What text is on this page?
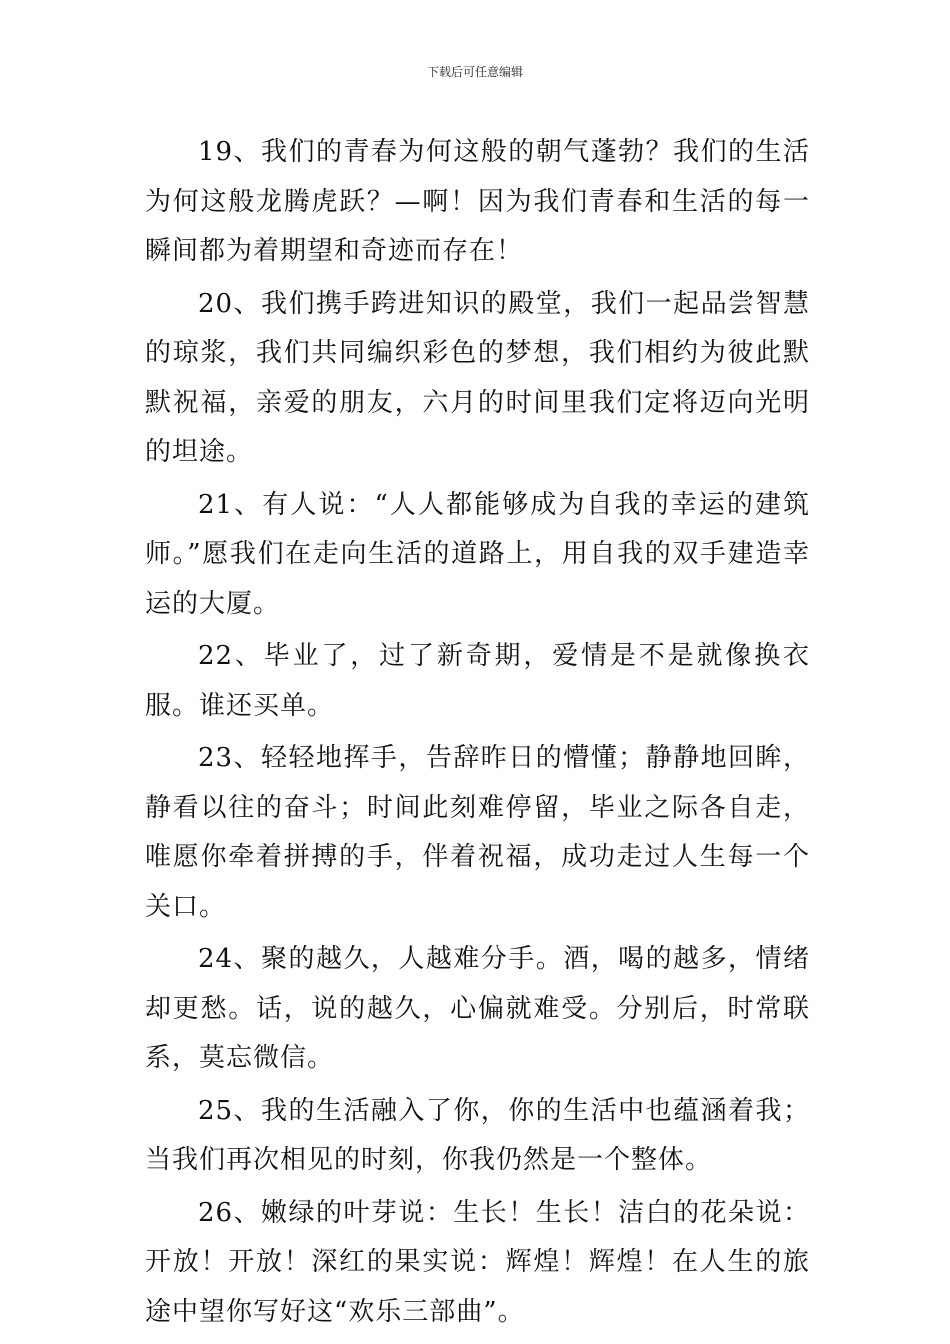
下载后可任意编辑

19、我们的青春为何这般的朝气蓬勃？我们的生活为何这般龙腾虎跃？—啊！因为我们青春和生活的每一瞬间都为着期望和奇迹而存在！

20、我们携手跨进知识的殿堂，我们一起品尝智慧的琼浆，我们共同编织彩色的梦想，我们相约为彼此默默祝福，亲爱的朋友，六月的时间里我们定将迈向光明的坦途。

21、有人说：“人人都能够成为自我的幸运的建筑师。”愿我们在走向生活的道路上，用自我的双手建造幸运的大厦。

22、毕业了，过了新奇期，爱情是不是就像换衣服。谁还买单。

23、轻轻地挥手，告辞昨日的懵懂；静静地回眸，静看以往的奋斗；时间此刻难停留，毕业之际各自走，唯愿你牵着拼搏的手，伴着祝福，成功走过人生每一个关口。

24、聚的越久，人越难分手。酒，喝的越多，情绪却更愁。话，说的越久，心偏就难受。分别后，时常联系，莫忘微信。

25、我的生活融入了你，你的生活中也蕴涵着我；当我们再次相见的时刻，你我仍然是一个整体。

26、嫩绿的叶芽说：生长！生长！洁白的花朵说：开放！开放！深红的果实说：辉煌！辉煌！在人生的旅途中望你写好这“欢乐三部曲”。
